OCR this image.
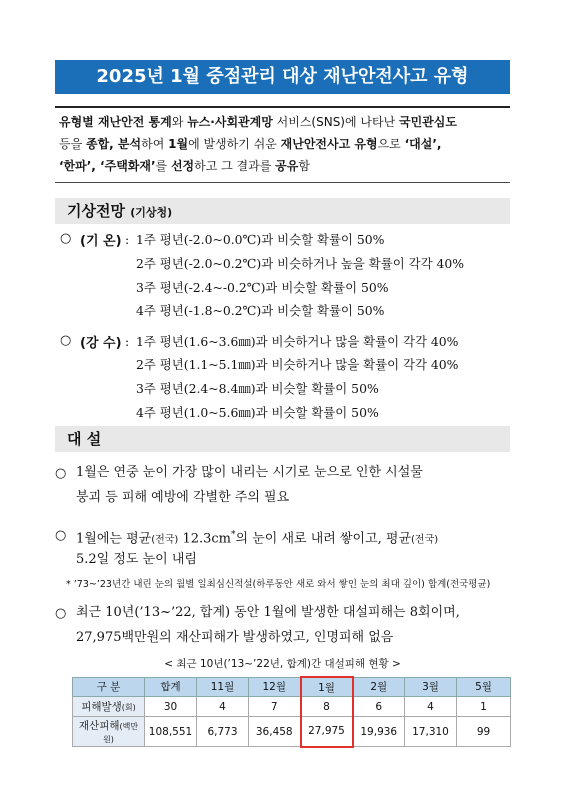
2025년 1월 중점관리 대상 재난안전사고 유형
유형별 재난안전 통계와 뉴스·사회관계망 서비스(SNS)에 나타난 국민관심도
등을 종합, 분석하여 1월에 발생하기 쉬운 재난안전사고 유형으로 ‘대설’,
‘한파’, ‘주택화재’를 선정하고 그 결과를 공유함
기상전망 (기상청)
○ (기 온) : 1주 평년(-2.0~0.0℃)과 비슷할 확률이 50%
2주 평년(-2.0~0.2℃)과 비슷하거나 높을 확률이 각각 40%
3주 평년(-2.4~-0.2℃)과 비슷할 확률이 50%
4주 평년(-1.8~0.2℃)과 비슷할 확률이 50%
○ (강 수) : 1주 평년(1.6~3.6㎜)과 비슷하거나 많을 확률이 각각 40%
2주 평년(1.1~5.1㎜)과 비슷하거나 많을 확률이 각각 40%
3주 평년(2.4~8.4㎜)과 비슷할 확률이 50%
4주 평년(1.0~5.6㎜)과 비슷할 확률이 50%
대 설
○ 1월은 연중 눈이 가장 많이 내리는 시기로 눈으로 인한 시설물
붕괴 등 피해 예방에 각별한 주의 필요
○ 1월에는 평균(전국) 12.3cm*의 눈이 새로 내려 쌓이고, 평균(전국)
5.2일 정도 눈이 내림
* ’73~’23년간 내린 눈의 월별 일최심신적설(하루동안 새로 와서 쌓인 눈의 최대 깊이) 합계(전국평균)
○ 최근 10년(’13~’22, 합계) 동안 1월에 발생한 대설피해는 8회이며,
27,975백만원의 재산피해가 발생하였고, 인명피해 없음
< 최근 10년(’13~’22년, 합계)간 대설피해 현황 >
구 분	합계	11월	12월	1월	2월	3월	5월
피해발생(회)	30	4	7	8	6	4	1
재산피해(백만원)	108,551	6,773	36,458	27,975	19,936	17,310	99
